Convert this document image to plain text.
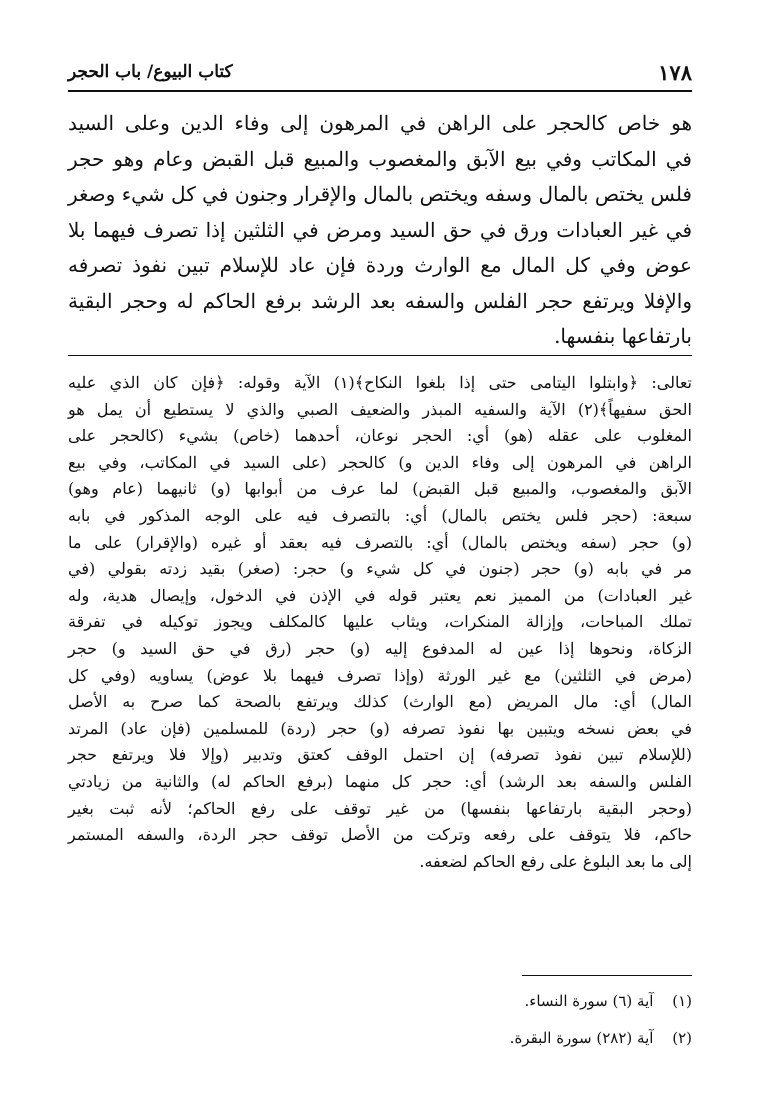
١٧٨
كتاب البيوع/ باب الحجر
هو خاص كالحجر على الراهن في المرهون إلى وفاء الدين وعلى السيد
في المكاتب وفي بيع الآبق والمغصوب والمبيع قبل القبض وعام وهو حجر
فلس يختص بالمال وسفه ويختص بالمال والإقرار وجنون في كل شيء وصغر
في غير العبادات ورق في حق السيد ومرض في الثلثين إذا تصرف فيهما بلا
عوض وفي كل المال مع الوارث وردة فإن عاد للإسلام تبين نفوذ تصرفه
والإفلا ويرتفع حجر الفلس والسفه بعد الرشد برفع الحاكم له وحجر البقية
بارتفاعها بنفسها.
تعالى: ﴿وابتلوا اليتامى حتى إذا بلغوا النكاح﴾(١) الآية وقوله: ﴿فإن كان الذي عليه
الحق سفيهاً﴾(٢) الآية والسفيه المبذر والضعيف الصبي والذي لا يستطيع أن يمل هو
المغلوب على عقله (هو) أي: الحجر نوعان، أحدهما (خاص) بشيء (كالحجر على
الراهن في المرهون إلى وفاء الدين و) كالحجر (على السيد في المكاتب، وفي بيع
الآبق والمغصوب، والمبيع قبل القبض) لما عرف من أبوابها (و) ثانيهما (عام وهو)
سبعة: (حجر فلس يختص بالمال) أي: بالتصرف فيه على الوجه المذكور في بابه
(و) حجر (سفه ويختص بالمال) أي: بالتصرف فيه بعقد أو غيره (والإقرار) على ما
مر في بابه (و) حجر (جنون في كل شيء و) حجر: (صغر) بقيد زدته بقولي (في
غير العبادات) من المميز نعم يعتبر قوله في الإذن في الدخول، وإيصال هدية، وله
تملك المباحات، وإزالة المنكرات، ويثاب عليها كالمكلف ويجوز توكيله في تفرقة
الزكاة، ونحوها إذا عين له المدفوع إليه (و) حجر (رق في حق السيد و) حجر
(مرض في الثلثين) مع غير الورثة (وإذا تصرف فيهما بلا عوض) يساويه (وفي كل
المال) أي: مال المريض (مع الوارث) كذلك ويرتفع بالصحة كما صرح به الأصل
في بعض نسخه ويتبين بها نفوذ تصرفه (و) حجر (ردة) للمسلمين (فإن عاد) المرتد
(للإسلام تبين نفوذ تصرفه) إن احتمل الوقف كعتق وتدبير (وإلا فلا ويرتفع حجر
الفلس والسفه بعد الرشد) أي: حجر كل منهما (برفع الحاكم له) والثانية من زيادتي
(وحجر البقية بارتفاعها بنفسها) من غير توقف على رفع الحاكم؛ لأنه ثبت بغير
حاكم، فلا يتوقف على رفعه وتركت من الأصل توقف حجر الردة، والسفه المستمر
إلى ما بعد البلوغ على رفع الحاكم لضعفه.
(١) آية (٦) سورة النساء.
(٢) آية (٢٨٢) سورة البقرة.
